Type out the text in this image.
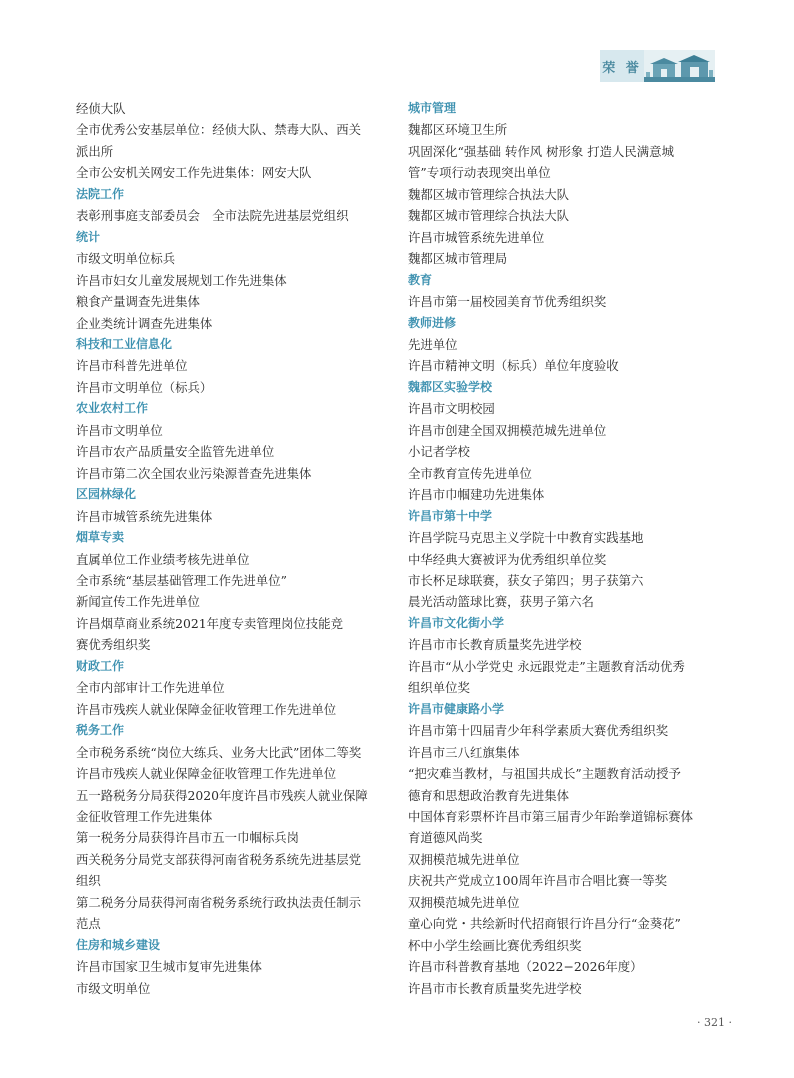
荣 誉
经侦大队
全市优秀公安基层单位：经侦大队、禁毒大队、西关
派出所
全市公安机关网安工作先进集体：网安大队
法院工作
表彰刑事庭支部委员会　全市法院先进基层党组织
统计
市级文明单位标兵
许昌市妇女儿童发展规划工作先进集体
粮食产量调查先进集体
企业类统计调查先进集体
科技和工业信息化
许昌市科普先进单位
许昌市文明单位（标兵）
农业农村工作
许昌市文明单位
许昌市农产品质量安全监管先进单位
许昌市第二次全国农业污染源普查先进集体
区园林绿化
许昌市城管系统先进集体
烟草专卖
直属单位工作业绩考核先进单位
全市系统“基层基础管理工作先进单位”
新闻宣传工作先进单位
许昌烟草商业系统2021年度专卖管理岗位技能竞
赛优秀组织奖
财政工作
全市内部审计工作先进单位
许昌市残疾人就业保障金征收管理工作先进单位
税务工作
全市税务系统“岗位大练兵、业务大比武”团体二等奖
许昌市残疾人就业保障金征收管理工作先进单位
五一路税务分局获得2020年度许昌市残疾人就业保障
金征收管理工作先进集体
第一税务分局获得许昌市五一巾帼标兵岗
西关税务分局党支部获得河南省税务系统先进基层党
组织
第二税务分局获得河南省税务系统行政执法责任制示
范点
住房和城乡建设
许昌市国家卫生城市复审先进集体
市级文明单位
城市管理
魏都区环境卫生所
巩固深化“强基础 转作风 树形象 打造人民满意城
管”专项行动表现突出单位
魏都区城市管理综合执法大队
魏都区城市管理综合执法大队
许昌市城管系统先进单位
魏都区城市管理局
教育
许昌市第一届校园美育节优秀组织奖
教师进修
先进单位
许昌市精神文明（标兵）单位年度验收
魏都区实验学校
许昌市文明校园
许昌市创建全国双拥模范城先进单位
小记者学校
全市教育宣传先进单位
许昌市巾帼建功先进集体
许昌市第十中学
许昌学院马克思主义学院十中教育实践基地
中华经典大赛被评为优秀组织单位奖
市长杯足球联赛，获女子第四；男子获第六
晨光活动篮球比赛，获男子第六名
许昌市文化街小学
许昌市市长教育质量奖先进学校
许昌市“从小学党史 永远跟党走”主题教育活动优秀
组织单位奖
许昌市健康路小学
许昌市第十四届青少年科学素质大赛优秀组织奖
许昌市三八红旗集体
“把灾难当教材，与祖国共成长”主题教育活动授予
德育和思想政治教育先进集体
中国体育彩票杯许昌市第三届青少年跆拳道锦标赛体
育道德风尚奖
双拥模范城先进单位
庆祝共产党成立100周年许昌市合唱比赛一等奖
双拥模范城先进单位
童心向党・共绘新时代招商银行许昌分行“金葵花”
杯中小学生绘画比赛优秀组织奖
许昌市科普教育基地（2022−2026年度）
许昌市市长教育质量奖先进学校
· 321 ·
